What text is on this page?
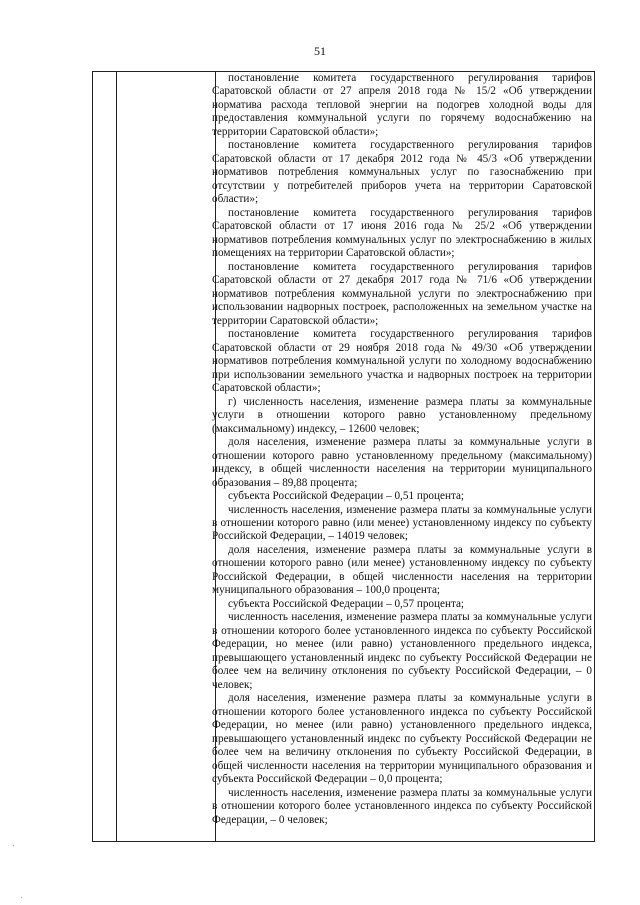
51

постановление комитета государственного регулирования тарифов Саратовской области от 27 апреля 2018 года № 15/2 «Об утверждении норматива расхода тепловой энергии на подогрев холодной воды для предоставления коммунальной услуги по горячему водоснабжению на территории Саратовской области»;

постановление комитета государственного регулирования тарифов Саратовской области от 17 декабря 2012 года № 45/3 «Об утверждении нормативов потребления коммунальных услуг по газоснабжению при отсутствии у потребителей приборов учета на территории Саратовской области»;

постановление комитета государственного регулирования тарифов Саратовской области от 17 июня 2016 года № 25/2 «Об утверждении нормативов потребления коммунальных услуг по электроснабжению в жилых помещениях на территории Саратовской области»;

постановление комитета государственного регулирования тарифов Саратовской области от 27 декабря 2017 года № 71/6 «Об утверждении нормативов потребления коммунальной услуги по электроснабжению при использовании надворных построек, расположенных на земельном участке на территории Саратовской области»;

постановление комитета государственного регулирования тарифов Саратовской области от 29 ноября 2018 года № 49/30 «Об утверждении нормативов потребления коммунальной услуги по холодному водоснабжению при использовании земельного участка и надворных построек на территории Саратовской области»;

г) численность населения, изменение размера платы за коммунальные услуги в отношении которого равно установленному предельному (максимальному) индексу, – 12600 человек;

доля населения, изменение размера платы за коммунальные услуги в отношении которого равно установленному предельному (максимальному) индексу, в общей численности населения на территории муниципального образования – 89,88 процента;

субъекта Российской Федерации – 0,51 процента;

численность населения, изменение размера платы за коммунальные услуги в отношении которого равно (или менее) установленному индексу по субъекту Российской Федерации, – 14019 человек;

доля населения, изменение размера платы за коммунальные услуги в отношении которого равно (или менее) установленному индексу по субъекту Российской Федерации, в общей численности населения на территории муниципального образования – 100,0 процента;

субъекта Российской Федерации – 0,57 процента;

численность населения, изменение размера платы за коммунальные услуги в отношении которого более установленного индекса по субъекту Российской Федерации, но менее (или равно) установленного предельного индекса, превышающего установленный индекс по субъекту Российской Федерации не более чем на величину отклонения по субъекту Российской Федерации, – 0 человек;

доля населения, изменение размера платы за коммунальные услуги в отношении которого более установленного индекса по субъекту Российской Федерации, но менее (или равно) установленного предельного индекса, превышающего установленный индекс по субъекту Российской Федерации не более чем на величину отклонения по субъекту Российской Федерации, в общей численности населения на территории муниципального образования и субъекта Российской Федерации – 0,0 процента;

численность населения, изменение размера платы за коммунальные услуги в отношении которого более установленного индекса по субъекту Российской Федерации, – 0 человек;

·
·
